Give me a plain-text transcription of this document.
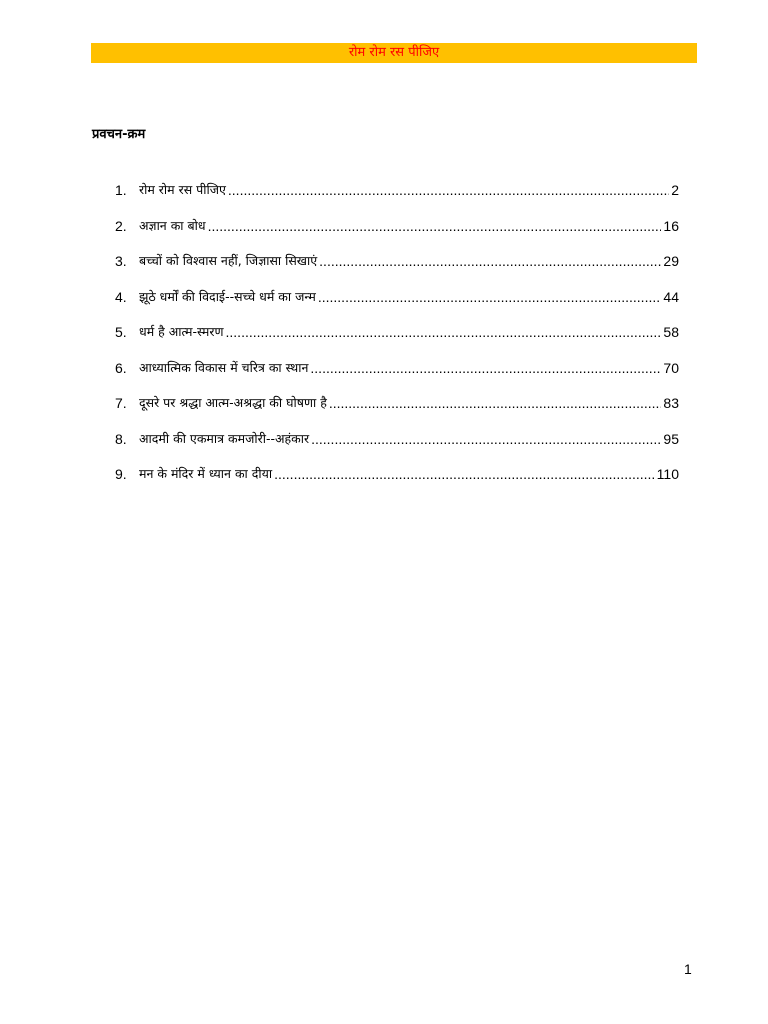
रोम रोम रस पीजिए
प्रवचन-क्रम
1. रोम रोम रस पीजिए .....	2
2. अज्ञान का बोध .....	16
3. बच्चों को विश्वास नहीं, जिज्ञासा सिखाएं .....	29
4. झूठे धर्मों की विदाई--सच्चे धर्म का जन्म .....	44
5. धर्म है आत्म-स्मरण .....	58
6. आध्यात्मिक विकास में चरित्र का स्थान .....	70
7. दूसरे पर श्रद्धा आत्म-अश्रद्धा की घोषणा है .....	83
8. आदमी की एकमात्र कमजोरी--अहंकार .....	95
9. मन के मंदिर में ध्यान का दीया .....	110
1
